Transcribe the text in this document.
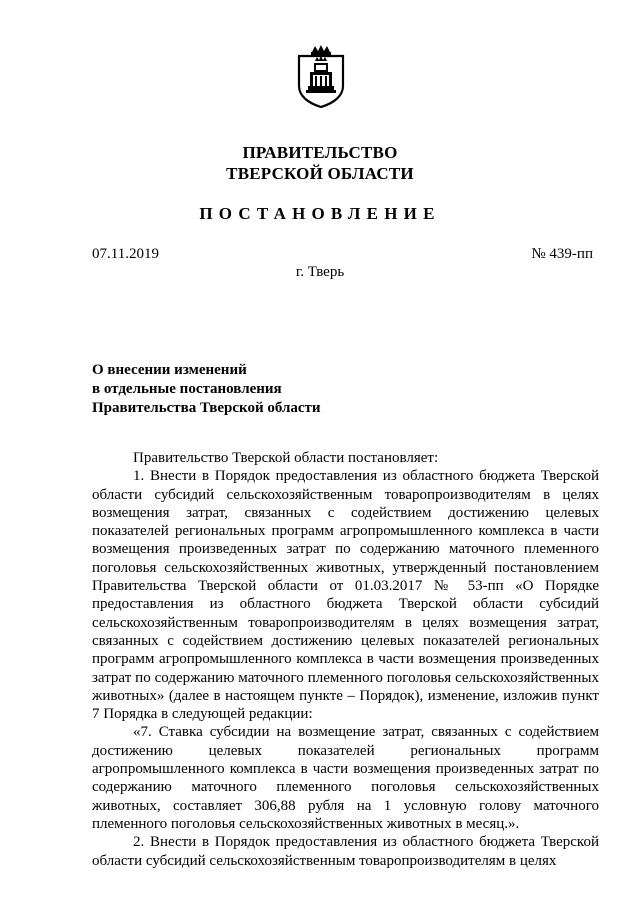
ПРАВИТЕЛЬСТВО
ТВЕРСКОЙ ОБЛАСТИ
ПОСТАНОВЛЕНИЕ
07.11.2019	№ 439-пп
г. Тверь
О внесении изменений
в отдельные постановления
Правительства Тверской области

Правительство Тверской области постановляет:

1. Внести в Порядок предоставления из областного бюджета Тверской области субсидий сельскохозяйственным товаропроизводителям в целях возмещения затрат, связанных с содействием достижению целевых показателей региональных программ агропромышленного комплекса в части возмещения произведенных затрат по содержанию маточного племенного поголовья сельскохозяйственных животных, утвержденный постановлением Правительства Тверской области от 01.03.2017 № 53-пп «О Порядке предоставления из областного бюджета Тверской области субсидий сельскохозяйственным товаропроизводителям в целях возмещения затрат, связанных с содействием достижению целевых показателей региональных программ агропромышленного комплекса в части возмещения произведенных затрат по содержанию маточного племенного поголовья сельскохозяйственных животных» (далее в настоящем пункте – Порядок), изменение, изложив пункт 7 Порядка в следующей редакции:

«7. Ставка субсидии на возмещение затрат, связанных с содействием достижению целевых показателей региональных программ агропромышленного комплекса в части возмещения произведенных затрат по содержанию маточного племенного поголовья сельскохозяйственных животных, составляет 306,88 рубля на 1 условную голову маточного племенного поголовья сельскохозяйственных животных в месяц.».

2. Внести в Порядок предоставления из областного бюджета Тверской области субсидий сельскохозяйственным товаропроизводителям в целях
